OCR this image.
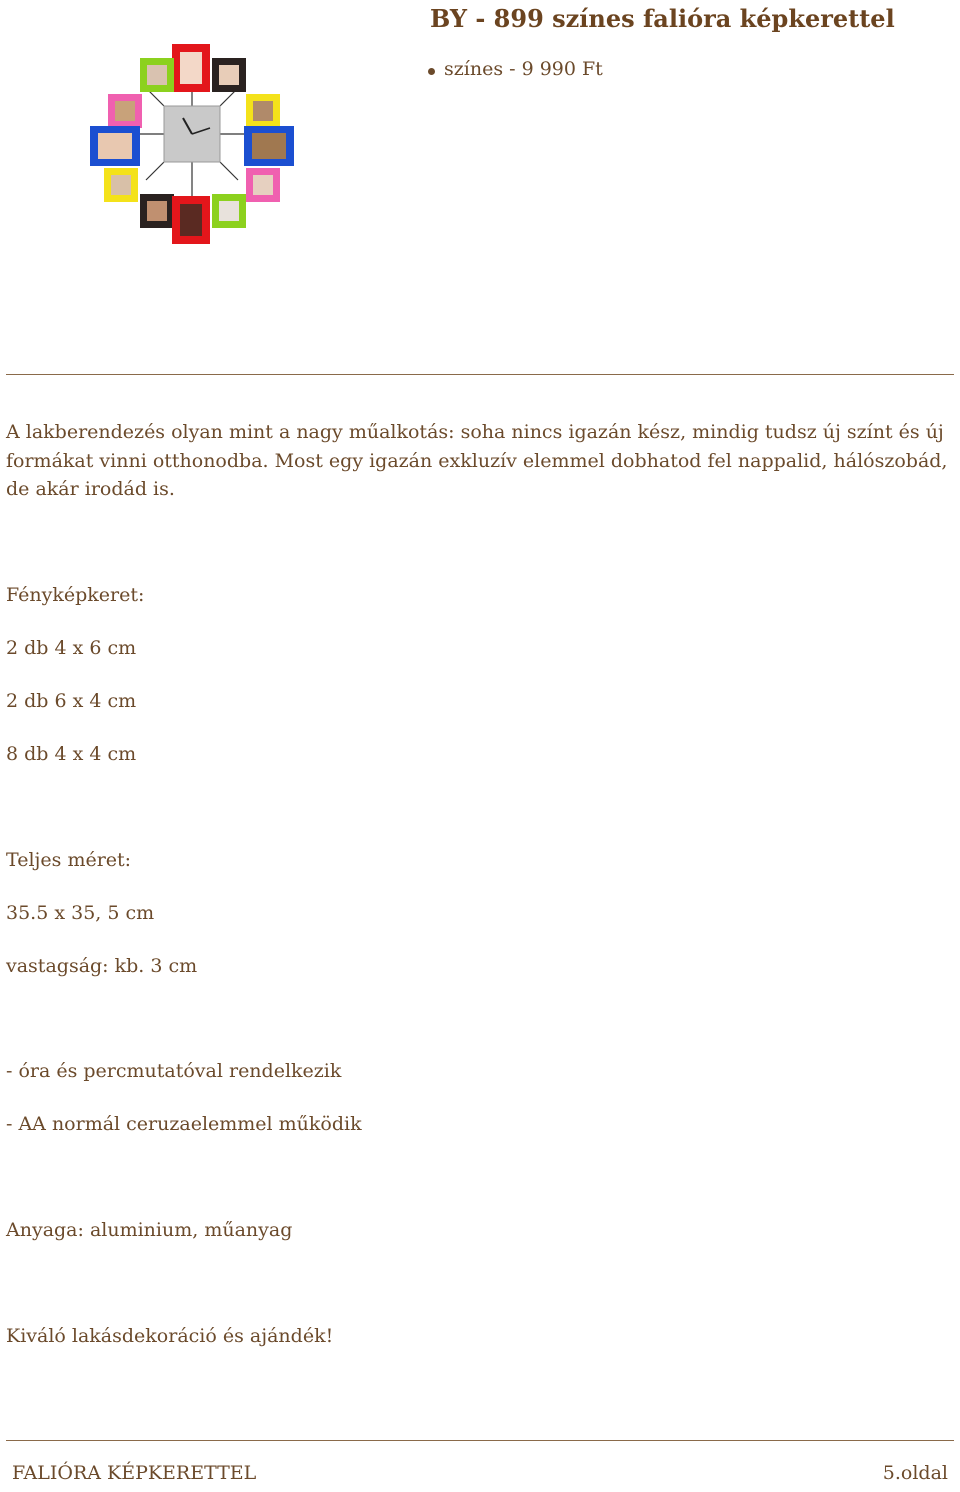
BY - 899 színes falióra képkerettel
színes - 9 990 Ft

A lakberendezés olyan mint a nagy műalkotás: soha nincs igazán kész, mindig tudsz új színt és új formákat vinni otthonodba. Most egy igazán exkluzív elemmel dobhatod fel nappalid, hálószobád, de akár irodád is.

Fényképkeret:

2 db 4 x 6 cm

2 db 6 x 4 cm

8 db 4 x 4 cm

Teljes méret:

35.5 x 35, 5 cm

vastagság: kb. 3 cm

- óra és percmutatóval rendelkezik

- AA normál ceruzaelemmel működik

Anyaga: aluminium, műanyag

Kiváló lakásdekoráció és ajándék!

FALIÓRA KÉPKERETTEL	5.oldal
